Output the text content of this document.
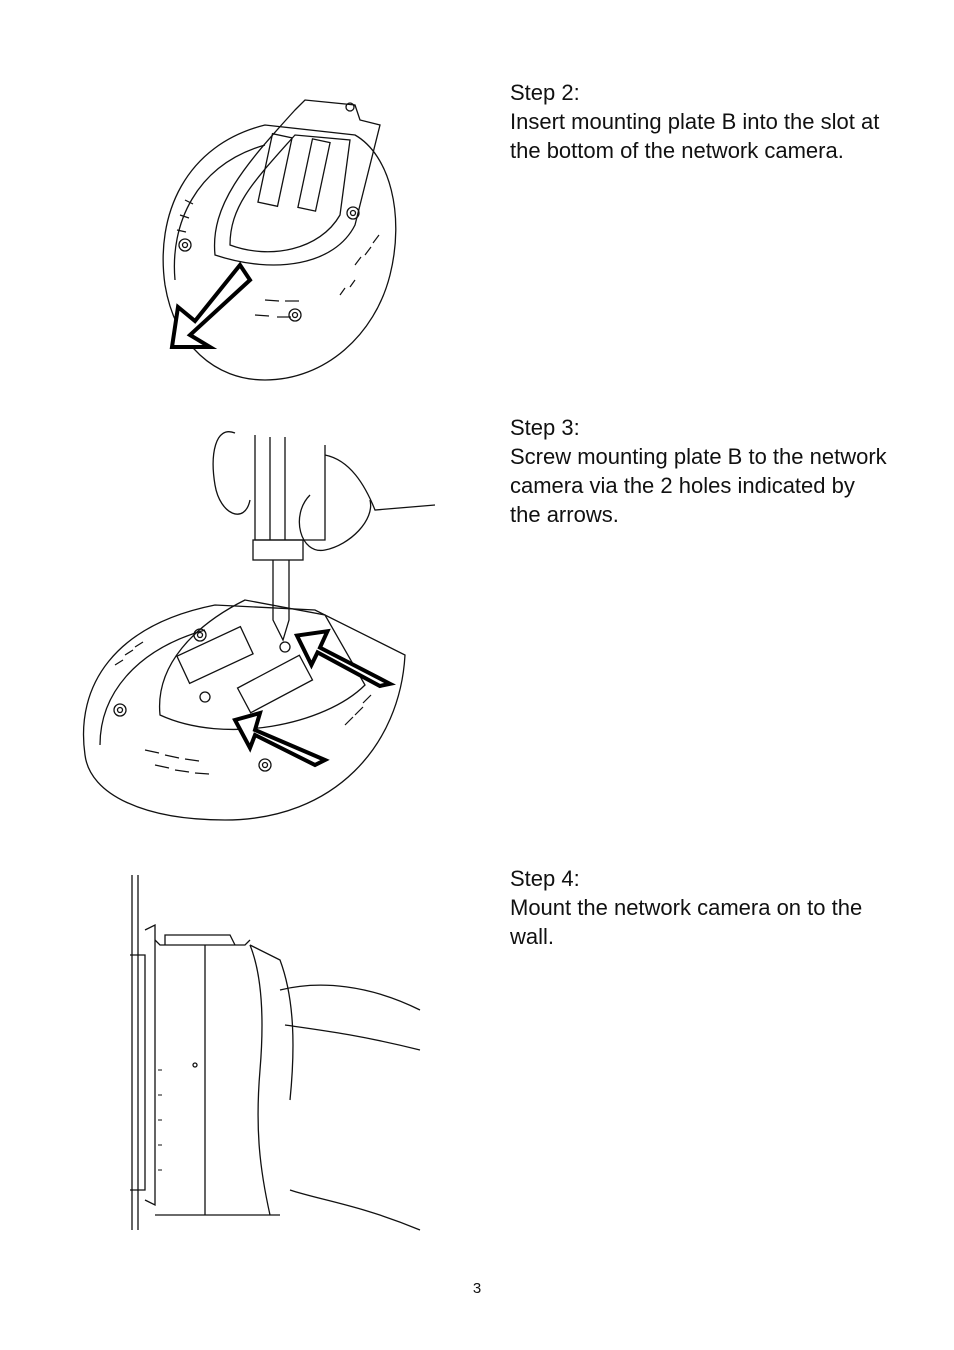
Step 2:
Insert mounting plate B into the slot at the bottom of the network camera.
Step 3:
Screw mounting plate B to the network camera via the 2 holes indicated by the arrows.
Step 4:
Mount the network camera on to the wall.
3
